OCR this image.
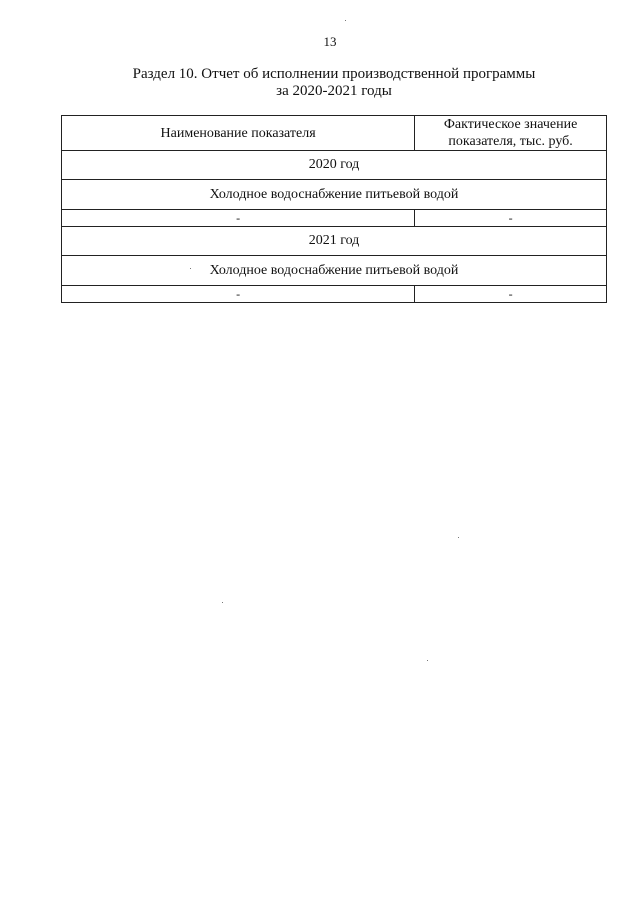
13
Раздел 10. Отчет об исполнении производственной программы
за 2020-2021 годы
Наименование показателя	Фактическое значение показателя, тыс. руб.
2020 год	
Холодное водоснабжение питьевой водой	
-	-
2021 год	
Холодное водоснабжение питьевой водой	
-	-
